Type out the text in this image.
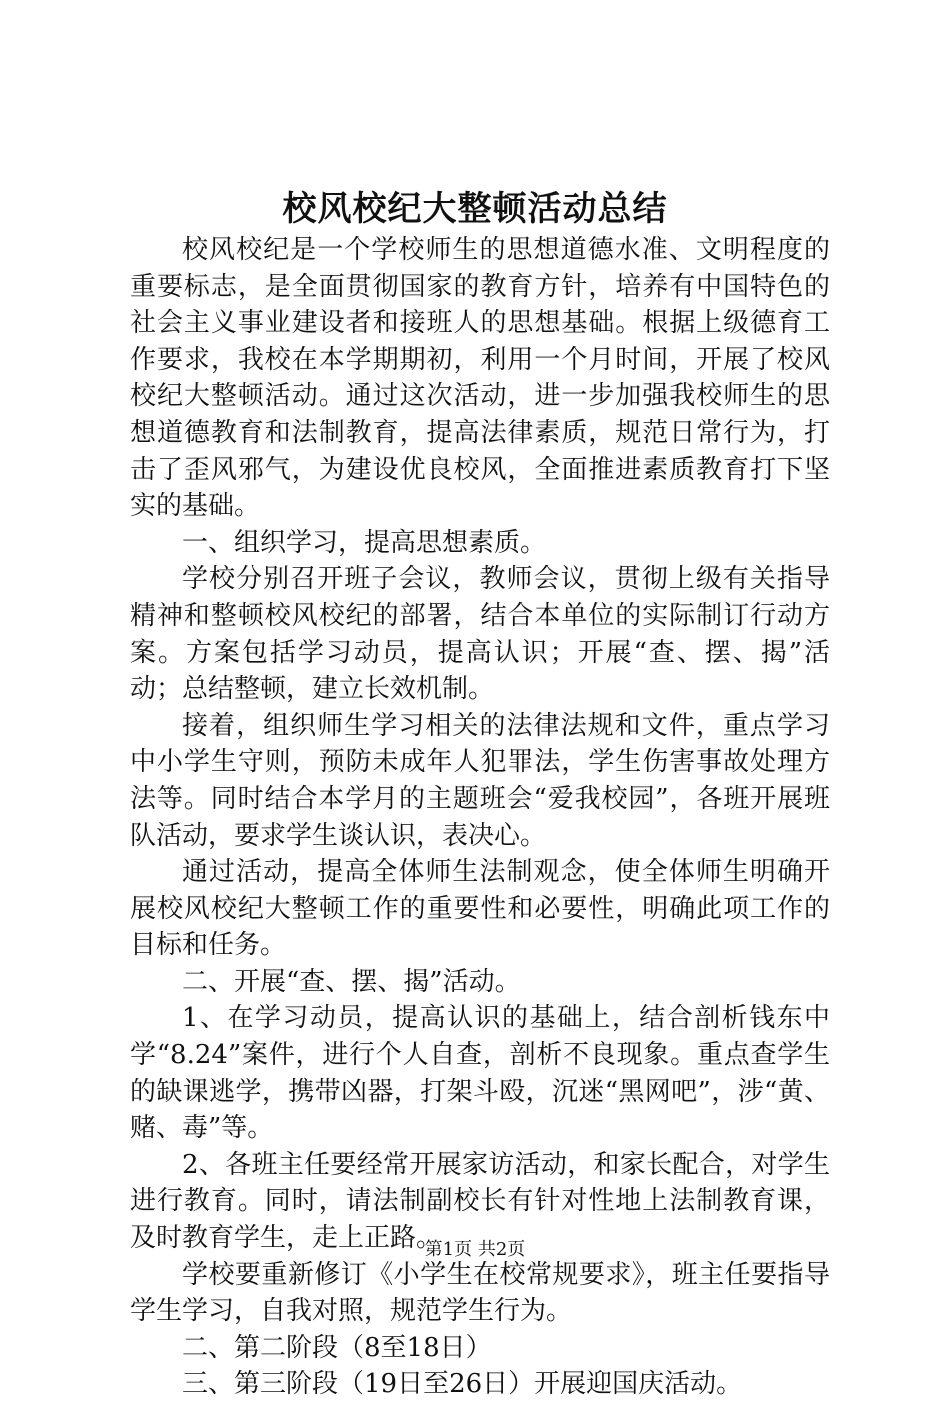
校风校纪大整顿活动总结

校风校纪是一个学校师生的思想道德水准、文明程度的重要标志，是全面贯彻国家的教育方针，培养有中国特色的社会主义事业建设者和接班人的思想基础。根据上级德育工作要求，我校在本学期期初，利用一个月时间，开展了校风校纪大整顿活动。通过这次活动，进一步加强我校师生的思想道德教育和法制教育，提高法律素质，规范日常行为，打击了歪风邪气，为建设优良校风，全面推进素质教育打下坚实的基础。

一、组织学习，提高思想素质。

学校分别召开班子会议，教师会议，贯彻上级有关指导精神和整顿校风校纪的部署，结合本单位的实际制订行动方案。方案包括学习动员，提高认识；开展“查、摆、揭”活动；总结整顿，建立长效机制。

接着，组织师生学习相关的法律法规和文件，重点学习中小学生守则，预防未成年人犯罪法，学生伤害事故处理方法等。同时结合本学月的主题班会“爱我校园”，各班开展班队活动，要求学生谈认识，表决心。

通过活动，提高全体师生法制观念，使全体师生明确开展校风校纪大整顿工作的重要性和必要性，明确此项工作的目标和任务。

二、开展“查、摆、揭”活动。

1、在学习动员，提高认识的基础上，结合剖析钱东中学“8.24”案件，进行个人自查，剖析不良现象。重点查学生的缺课逃学，携带凶器，打架斗殴，沉迷“黑网吧”，涉“黄、赌、毒”等。

2、各班主任要经常开展家访活动，和家长配合，对学生进行教育。同时，请法制副校长有针对性地上法制教育课，及时教育学生，走上正路。

学校要重新修订《小学生在校常规要求》，班主任要指导学生学习，自我对照，规范学生行为。

二、第二阶段（8至18日）

三、第三阶段（19日至26日）开展迎国庆活动。

第1页 共2页
